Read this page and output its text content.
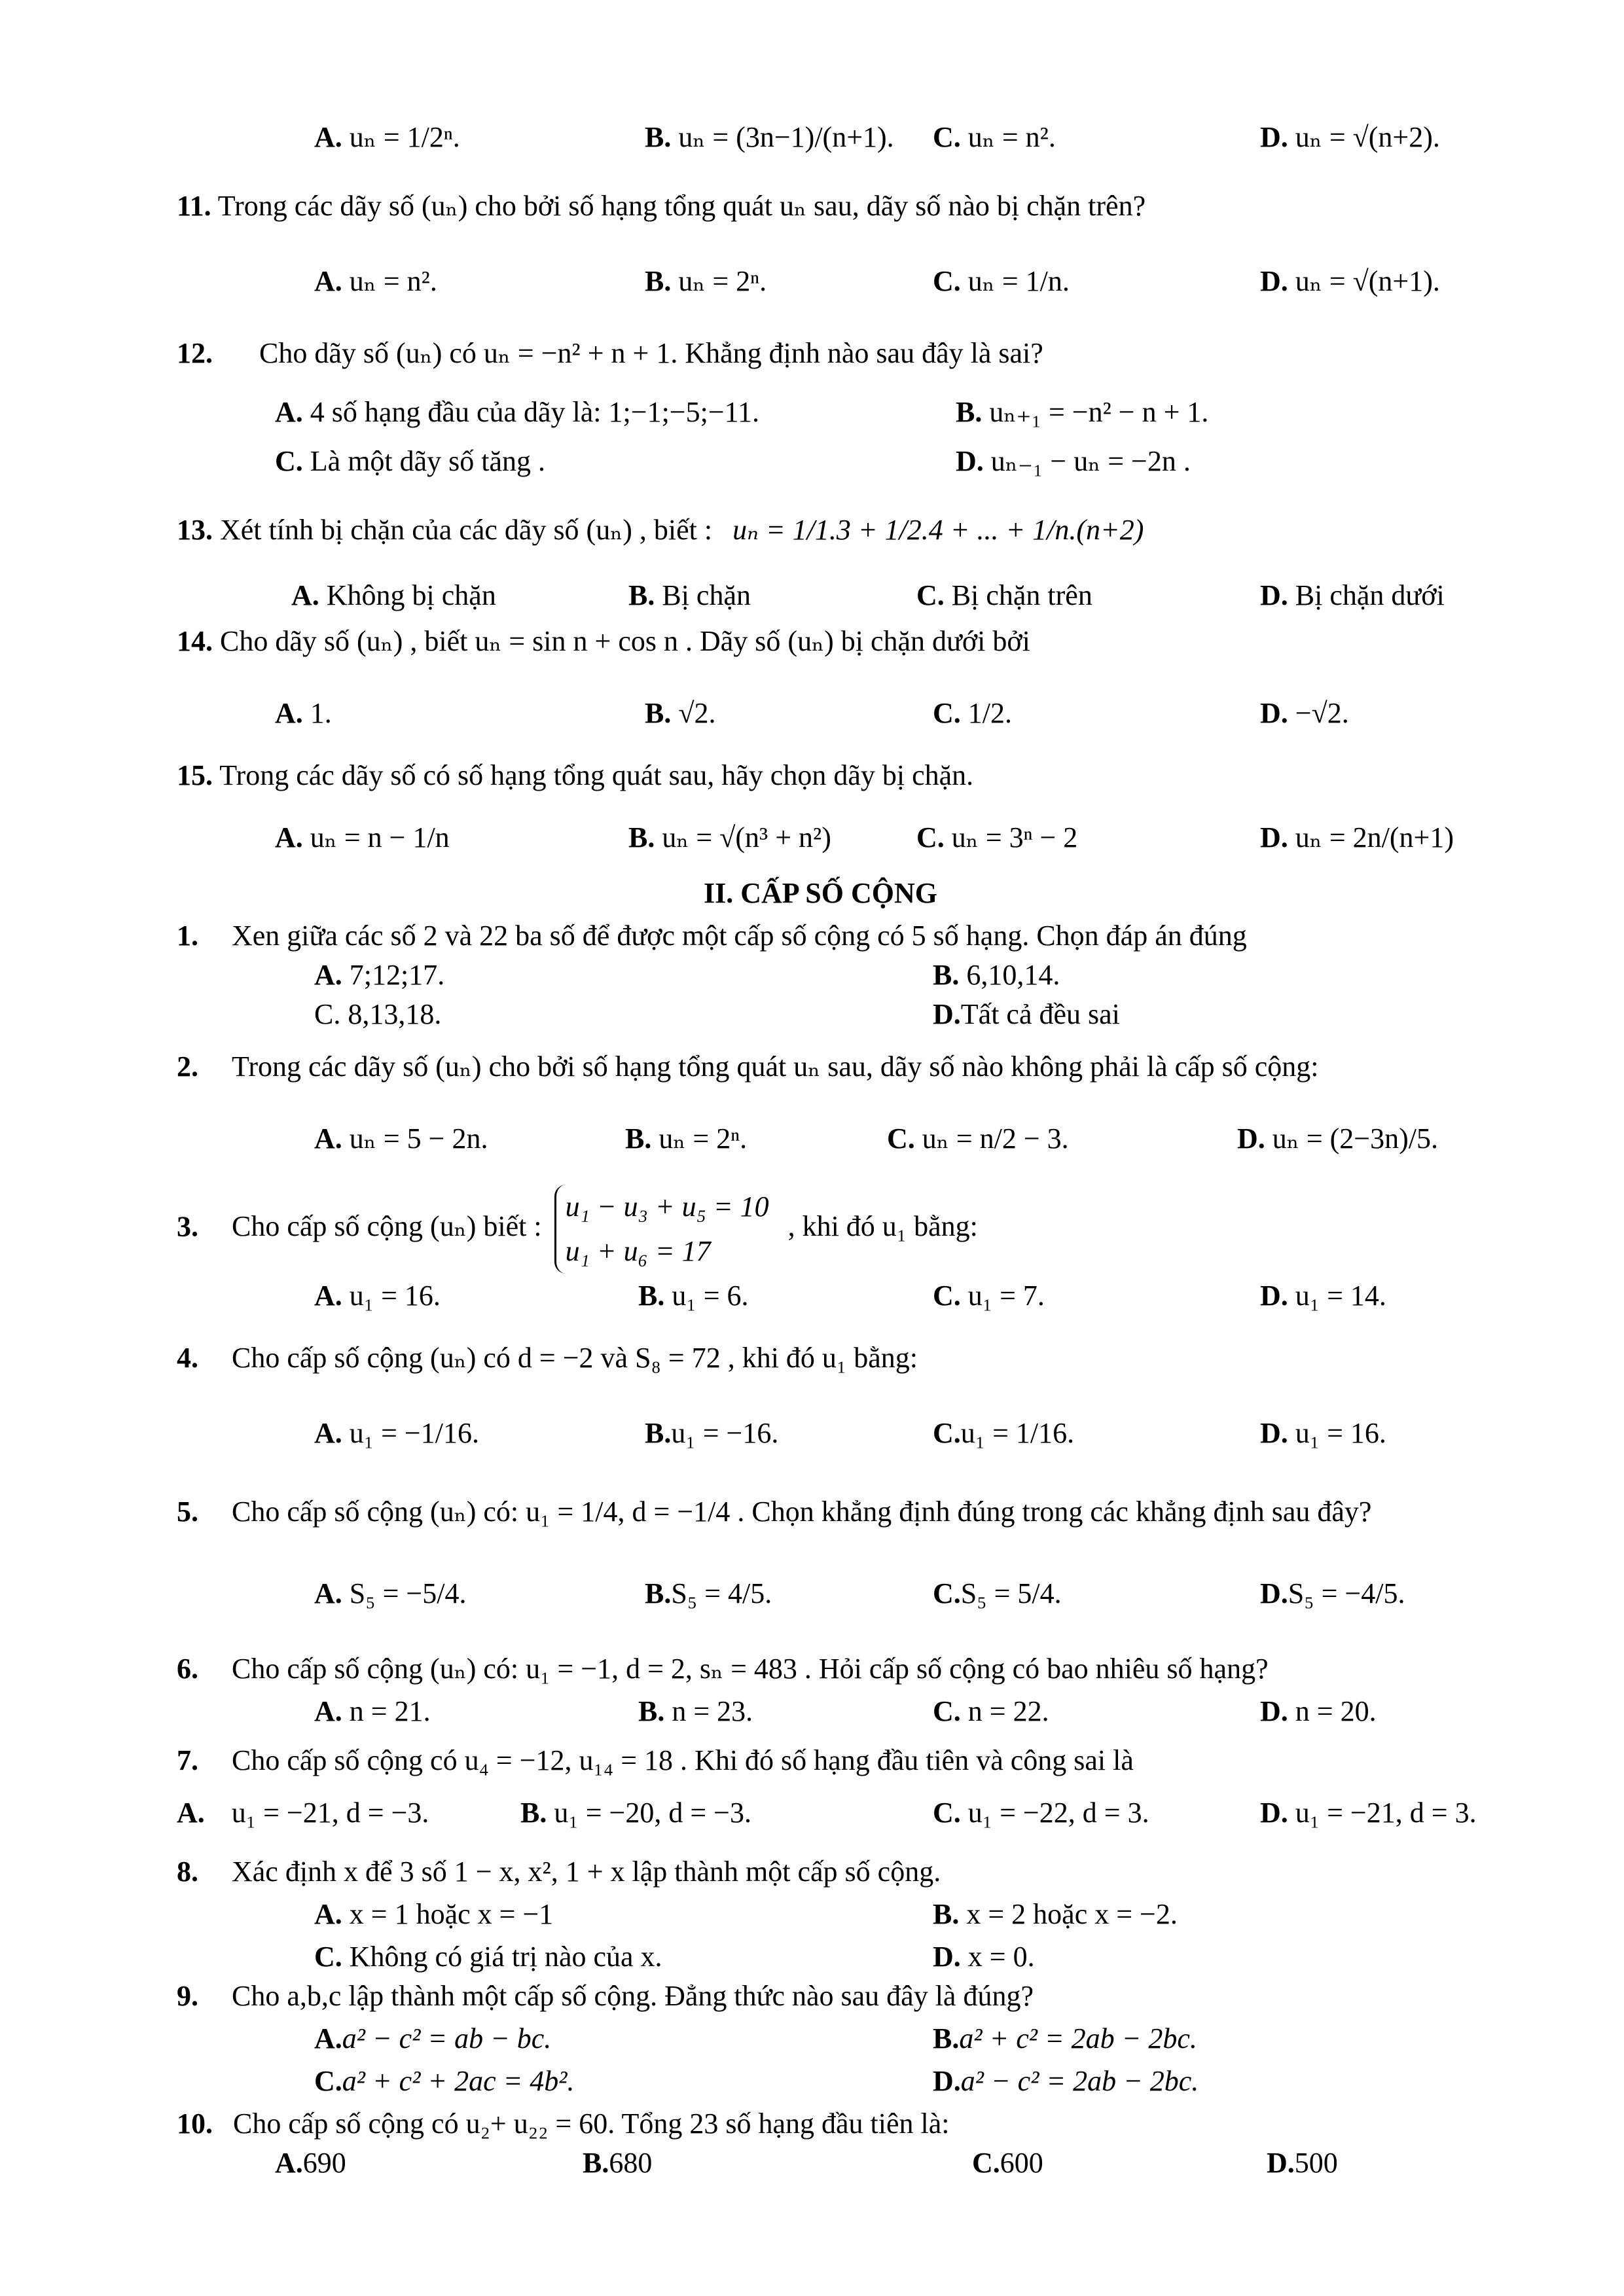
A. uₙ = 1/2ⁿ.	B. uₙ = (3n−1)/(n+1). C. uₙ = n².	D. uₙ = √(n+2).
11. Trong các dãy số (uₙ) cho bởi số hạng tổng quát uₙ sau, dãy số nào bị chặn trên?
A. uₙ = n².	B. uₙ = 2ⁿ.	C. uₙ = 1/n.	D. uₙ = √(n+1).
12. Cho dãy số (uₙ) có uₙ = −n² + n + 1. Khẳng định nào sau đây là sai?
A. 4 số hạng đầu của dãy là: 1;−1;−5;−11.	B. uₙ₊₁ = −n² − n + 1.
C. Là một dãy số tăng .	D. uₙ₋₁ − uₙ = −2n .
13. Xét tính bị chặn của các dãy số (uₙ) , biết : uₙ = 1/1.3 + 1/2.4 + ... + 1/n.(n+2)
A. Không bị chặn	B. Bị chặn	C. Bị chặn trên	D. Bị chặn dưới
14. Cho dãy số (uₙ) , biết uₙ = sin n + cos n . Dãy số (uₙ) bị chặn dưới bởi
A. 1.	B. √2.	C. 1/2.	D. −√2.
15. Trong các dãy số có số hạng tổng quát sau, hãy chọn dãy bị chặn.
A. uₙ = n − 1/n	B. uₙ = √(n³ + n²)	C. uₙ = 3ⁿ − 2	D. uₙ = 2n/(n+1)
II. CẤP SỐ CỘNG
1. Xen giữa các số 2 và 22 ba số để được một cấp số cộng có 5 số hạng. Chọn đáp án đúng
A. 7;12;17.	B. 6,10,14.
C. 8,13,18.	D.Tất cả đều sai
2. Trong các dãy số (uₙ) cho bởi số hạng tổng quát uₙ sau, dãy số nào không phải là cấp số cộng:
A. uₙ = 5 − 2n.	B. uₙ = 2ⁿ.	C. uₙ = n/2 − 3.	D. uₙ = (2−3n)/5.
3. Cho cấp số cộng (uₙ) biết :
u₁ − u₃ + u₅ = 10
u₁ + u₆ = 17
, khi đó u₁ bằng:
A. u₁ = 16.	B. u₁ = 6.	C. u₁ = 7.	D. u₁ = 14.
4. Cho cấp số cộng (uₙ) có d = −2 và S₈ = 72 , khi đó u₁ bằng:
A. u₁ = −1/16.	B.u₁ = −16.	C.u₁ = 1/16.	D. u₁ = 16.
5. Cho cấp số cộng (uₙ) có: u₁ = 1/4, d = −1/4 . Chọn khẳng định đúng trong các khẳng định sau đây?
A. S₅ = −5/4.	B.S₅ = 4/5.	C.S₅ = 5/4.	D.S₅ = −4/5.
6. Cho cấp số cộng (uₙ) có: u₁ = −1, d = 2, sₙ = 483 . Hỏi cấp số cộng có bao nhiêu số hạng?
A. n = 21.	B. n = 23.	C. n = 22.	D. n = 20.
7. Cho cấp số cộng có u₄ = −12, u₁₄ = 18 . Khi đó số hạng đầu tiên và công sai là
A. u₁ = −21, d = −3.	B. u₁ = −20, d = −3.	C. u₁ = −22, d = 3.	D. u₁ = −21, d = 3.
8. Xác định x để 3 số 1 − x, x², 1 + x lập thành một cấp số cộng.
A. x = 1 hoặc x = −1	B. x = 2 hoặc x = −2.
C. Không có giá trị nào của x.	D. x = 0.
9. Cho a,b,c lập thành một cấp số cộng. Đẳng thức nào sau đây là đúng?
A.a² − c² = ab − bc.	B.a² + c² = 2ab − 2bc.
C.a² + c² + 2ac = 4b².	D.a² − c² = 2ab − 2bc.
10. Cho cấp số cộng có u₂+ u₂₂ = 60. Tổng 23 số hạng đầu tiên là:
A.690	B.680	C.600	D.500
